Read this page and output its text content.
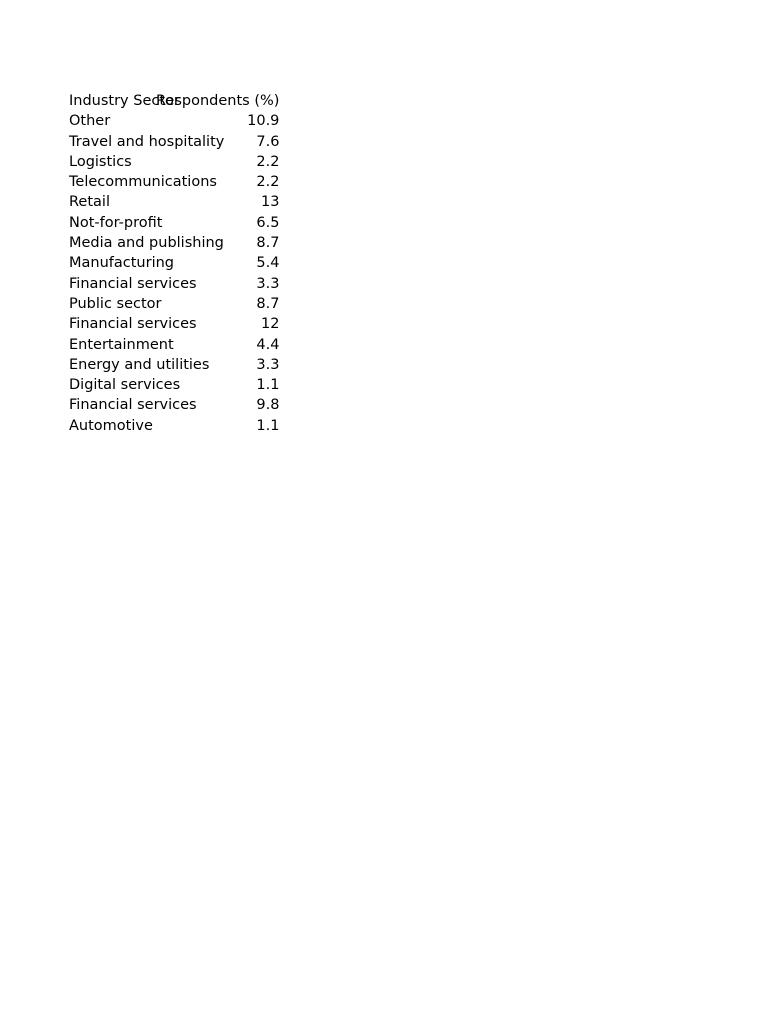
Industry Sector	Respondents (%)
Other	10.9
Travel and hospitality	7.6
Logistics	2.2
Telecommunications	2.2
Retail	13
Not-for-profit	6.5
Media and publishing	8.7
Manufacturing	5.4
Financial services	3.3
Public sector	8.7
Financial services	12
Entertainment	4.4
Energy and utilities	3.3
Digital services	1.1
Financial services	9.8
Automotive	1.1
